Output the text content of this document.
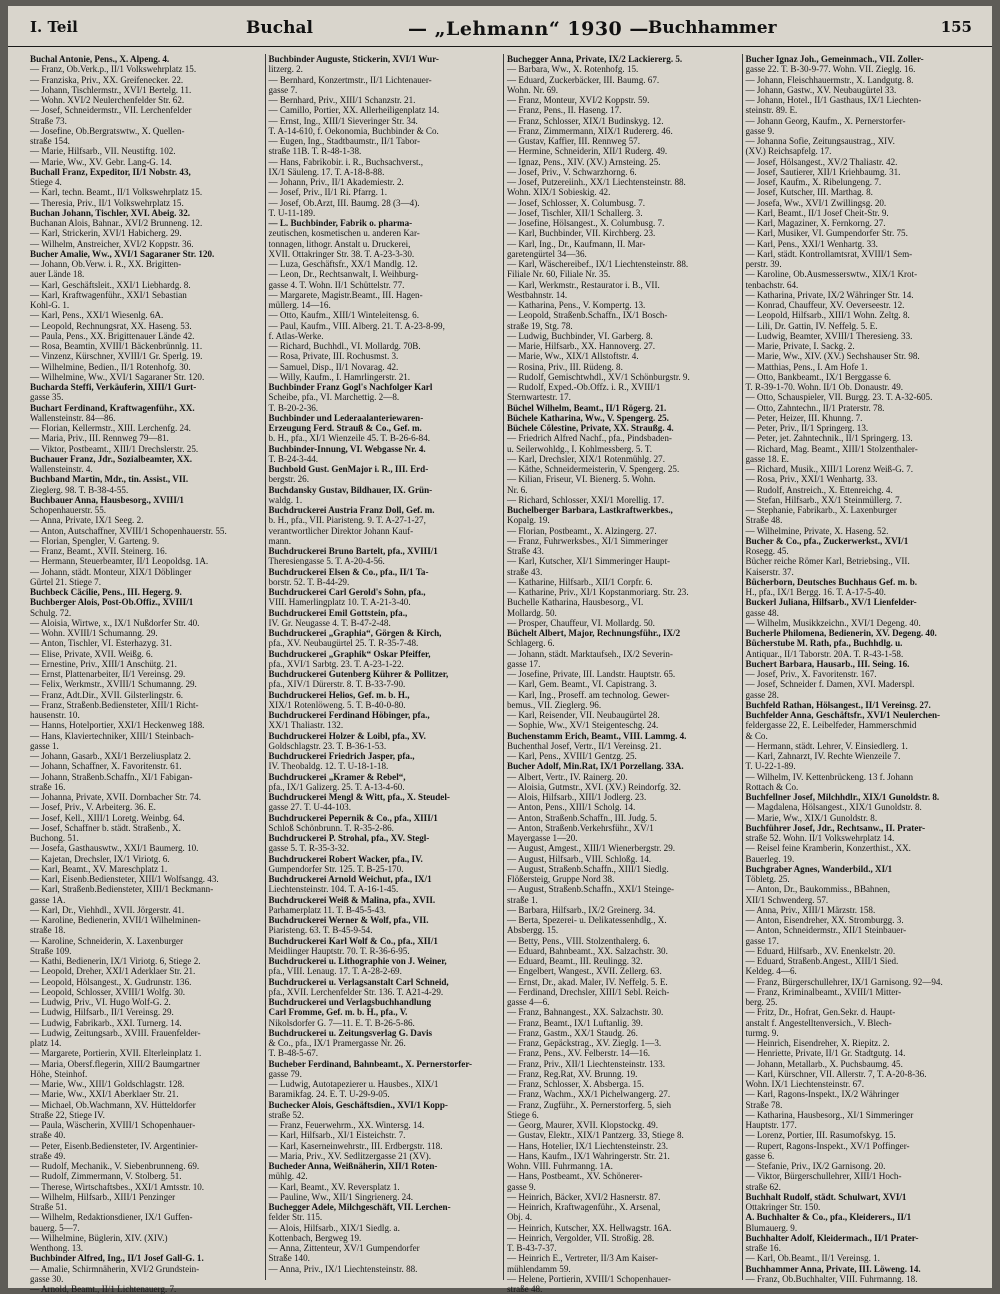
I. Teil	Buchal	— „Lehmann“ 1930 — Buchhammer	155
Buchal Antonie, Pens., X. Alpeng. 4.
— Franz, Ob.Verk.p., II/1 Volkswehrplatz 15.
— Franziska, Priv., XX. Greifenecker. 22.
— Johann, Tischlermstr., XVI/1 Bertelg. 11.
— Wohn. XVI/2 Neulerchenfelder Str. 62.
— Josef, Schneidermstr., VII. Lerchenfelder
Straße 73.
— Josefine, Ob.Bergratswtw., X. Quellen-
straße 154.
— Marie, Hilfsarb., VII. Neustiftg. 102.
— Marie, Ww., XV. Gebr. Lang-G. 14.
Buchall Franz, Expeditor, II/1 Nobstr. 43,
Stiege 4.
— Karl, techn. Beamt., II/1 Volkswehrplatz 15.
— Theresia, Priv., II/1 Volkswehrplatz 15.
Buchan Johann, Tischler, XVI. Abeig. 32.
Buchanan Alois, Bahnar., XVI/2 Brunneng. 12.
— Karl, Strickerin, XVI/1 Habicherg. 29.
— Wilhelm, Anstreicher, XVI/2 Koppstr. 36.
Bucher Amalie, Ww., XVI/1 Sagaraner Str. 120.
— Johann, Ob.Verw. i. R., XX. Brigitten-
auer Lände 18.
— Karl, Geschäftsleit., XXI/1 Liebhardg. 8.
— Karl, Kraftwagenführ., XXI/1 Sebastian
Kohl-G. 1.
— Karl, Pens., XXI/1 Wiesenlg. 6A.
— Leopold, Rechnungsrat, XX. Haseng. 53.
— Paula, Pens., XX. Brigittenauer Lände 42.
— Rosa, Beamtin, XVIII/1 Bäckenbrünnlg. 11.
— Vinzenz, Kürschner, XVIII/1 Gr. Sperlg. 19.
— Wilhelmine, Bedien., II/1 Rotenhofg. 30.
— Wilhelmine, Ww., XVI/1 Sagaraner Str. 120.
Bucharda Steffi, Verkäuferin, XIII/1 Gurt-
gasse 35.
Buchart Ferdinand, Kraftwagenführ., XX.
Wallensteinstr. 84—86.
— Florian, Kellermstr., XIII. Lerchenfg. 24.
— Maria, Priv., III. Rennweg 79—81.
— Viktor, Postbeamt., XIII/1 Drechslerstr. 25.
Buchauer Franz, Jdr., Sozialbeamter, XX.
Wallensteinstr. 4.
Buchband Martin, Mdr., tin. Assist., VII.
Zieglerg. 98. T. B-38-4-55.
Buchbauer Anna, Hausbesorg., XVIII/1
Schopenhauerstr. 55.
— Anna, Private, IX/1 Seeg. 2.
— Anton, Autschaffner, XVIII/1 Schopenhauerstr. 55.
— Florian, Spengler, V. Garteng. 9.
— Franz, Beamt., XVII. Steinerg. 16.
— Hermann, Steuerbeamter, II/1 Leopoldsg. 1A.
— Johann, städt. Monteur, XIX/1 Döblinger
Gürtel 21. Stiege 7.
Buchbeck Cäcilie, Pens., III. Hegerg. 9.
Buchberger Alois, Post-Ob.Offiz., XVIII/1
Schulg. 72.
— Aloisia, Wirtwe, x., IX/1 Nußdorfer Str. 40.
— Wohn. XVIII/1 Schumanng. 29.
— Anton, Tischler, VI. Esterhazyg. 31.
— Elise, Private, XVII. Weißg. 6.
— Ernestine, Priv., XIII/1 Anschütg. 21.
— Ernst, Plattenarbeiter, II/1 Vereinsg. 29.
— Felix, Werkmstr., XVIII/1 Schumanng. 29.
— Franz, Adt.Dir., XVII. Gilsterlingstr. 6.
— Franz, Straßenb.Bediensteter, XIII/1 Richt-
hausenstr. 10.
— Hanns, Hotelportier, XXI/1 Heckenweg 188.
— Hans, Klaviertechniker, XIII/1 Steinbach-
gasse 1.
— Johann, Gasarb., XXI/1 Berzeliusplatz 2.
— Johann, Schaffner, X. Favoritenstr. 61.
— Johann, Straßenb.Schaffn., XI/1 Fabigan-
straße 16.
— Johanna, Private, XVII. Dornbacher Str. 74.
— Josef, Priv., V. Arbeiterg. 36. E.
— Josef, Kell., XIII/1 Loretg. Weinbg. 64.
— Josef, Schaffner b. städt. Straßenb., X.
Buchong. 51.
— Josefa, Gasthauswtw., XXI/1 Baumerg. 10.
— Kajetan, Drechsler, IX/1 Viriotg. 6.
— Karl, Beamt., XV. Mareschplatz 1.
— Karl, Eisenb.Bediensteter, XIII/1 Wolfsangg. 43.
— Karl, Straßenb.Bediensteter, XIII/1 Beckmann-
gasse 1A.
— Karl, Dr., Viehhdl., XVII. Jörgerstr. 41.
— Karoline, Bedienerin, XVII/1 Wilhelminen-
straße 18.
— Karoline, Schneiderin, X. Laxenburger
Straße 109.
— Kathi, Bedienerin, IX/1 Viriotg. 6, Stiege 2.
— Leopold, Dreher, XXI/1 Aderklaer Str. 21.
— Leopold, Hölsangest., X. Gudrunstr. 136.
— Leopold, Schlosser, XVIII/1 Wolfg. 30.
— Ludwig, Priv., VI. Hugo Wolf-G. 2.
— Ludwig, Hilfsarb., II/1 Vereinsg. 29.
— Ludwig, Fabrikarb., XXI. Turnerg. 14.
— Ludwig, Zeitungsarb., XVIII. Frauenfelder-
platz 14.
— Margarete, Portierin, XVII. Elterleinplatz 1.
— Maria, Obersf.flegerin, XIII/2 Baumgartner
Höhe, Steinhof.
— Marie, Ww., XIII/1 Goldschlagstr. 128.
— Marie, Ww., XXI/1 Aberklaer Str. 21.
— Michael, Ob.Wachmann, XV. Hütteldorfer
Straße 22, Stiege IV.
— Paula, Wäscherin, XVIII/1 Schopenhauer-
straße 40.
— Peter, Eisenb.Bediensteter, IV. Argentinier-
straße 49.
— Rudolf, Mechanik., V. Siebenbrunneng. 69.
— Rudolf, Zimmermann, V. Stolberg. 51.
— Therese, Wirtschaftsbes., XXI/1 Amtsstr. 10.
— Wilhelm, Hilfsarb., XIII/1 Penzinger
Straße 51.
— Wilhelm, Redaktionsdiener, IX/1 Guffen-
bauerg. 5—7.
— Wilhelmine, Büglerin, XIV. (XIV.)
Wenthong. 13.
Buchbinder Alfred, Ing., II/1 Josef Gall-G. 1.
— Amalie, Schirmnäherin, XVI/2 Grundstein-
gasse 30.
— Arnold, Beamt., II/1 Lichtenauerg. 7.
Buchbinder Auguste, Stickerin, XVI/1 Wur-
litzerg. 2.
— Bernhard, Konzertmstr., II/1 Lichtenauer-
gasse 7.
— Bernhard, Priv., XIII/1 Schanzstr. 21.
— Camillo, Portier, XX. Allerheiligenplatz 14.
— Ernst, Ing., XIII/1 Sieveringer Str. 34.
T. A-14-610, f. Oekonomia, Buchbinder & Co.
— Eugen, Ing., Stadtbaumstr., II/1 Tabor-
straße 11B. T. R-48-1-38.
— Hans, Fabrikobir. i. R., Buchsachverst.,
IX/1 Säuleng. 17. T. A-18-8-88.
— Johann, Priv., II/1 Akademiestr. 2.
— Josef, Priv., II/1 Ri. Pfarrg. 1.
— Josef, Ob.Arzt, III. Baumg. 28 (3—4).
T. U-11-189.
— L. Buchbinder, Fabrik o. pharma-
zeutischen, kosmetischen u. anderen Kar-
tonnagen, lithogr. Anstalt u. Druckerei,
XVII. Ottakringer Str. 38. T. A-23-3-30.
— Luza, Geschäftsfr., XX/1 Mandlg. 12.
— Leon, Dr., Rechtsanwalt, I. Weihburg-
gasse 4. T. Wohn. II/1 Schüttelstr. 77.
— Margarete, Magistr.Beamt., III. Hagen-
müllerg. 14—16.
— Otto, Kaufm., XIII/1 Winteleitensg. 6.
— Paul, Kaufm., VIII. Alberg. 21. T. A-23-8-99,
f. Atlas-Werke.
— Richard, Buchhdl., VI. Mollardg. 70B.
— Rosa, Private, III. Rochusmst. 3.
— Samuel, Disp., II/1 Novarag. 42.
— Willy, Kaufm., I. Hamrlingerstr. 21.
Buchbinder Franz Gogl's Nachfolger Karl
Scheibe, pfa., VI. Marchettig. 2—8.
T. B-20-2-36.
Buchbinder und Lederaalanteriewaren-
Erzeugung Ferd. Strauß & Co., Gef. m.
b. H., pfa., XI/1 Wienzeile 45. T. B-26-6-84.
Buchbinder-Innung, VI. Webgasse Nr. 4.
T. B-24-3-44.
Buchbold Gust. GenMajor i. R., III. Erd-
bergstr. 26.
Buchdansky Gustav, Bildhauer, IX. Grün-
waldg. 1.
Buchdruckerei Austria Franz Doll, Gef. m.
b. H., pfa., VII. Piaristeng. 9. T. A-27-1-27,
verantwortlicher Direktor Johann Kauf-
mann.
Buchdruckerei Bruno Bartelt, pfa., XVIII/1
Theresiengasse 5. T. A-20-4-56.
Buchdruckerei Elsen & Co., pfa., II/1 Ta-
borstr. 52. T. B-44-29.
Buchdruckerei Carl Gerold's Sohn, pfa.,
VIII. Hamerlingplatz 10. T. A-21-3-40.
Buchdruckerei Emil Gottstein, pfa.,
IV. Gr. Neugasse 4. T. B-47-2-48.
Buchdruckerei „Graphia“, Görgen & Kirch,
pfa., XV. Neubaugürtel 25. T. R-35-7-48.
Buchdruckerei „Graphik“ Oskar Pfeiffer,
pfa., XVI/1 Sarbtg. 23. T. A-23-1-22.
Buchdruckerei Gutenberg Kührer & Pollitzer,
pfa., XIV/1 Dürerstr. 8. T. B-33-7-90.
Buchdruckerei Helios, Gef. m. b. H.,
XIX/1 Rotenlöweng. 5. T. B-40-0-80.
Buchdruckerei Ferdinand Höbinger, pfa.,
XX/1 Thaliastr. 132.
Buchdruckerei Holzer & Loibl, pfa., XV.
Goldschlagstr. 23. T. B-36-1-53.
Buchdruckerei Friedrich Jasper, pfa.,
IV. Theobaldg. 12. T. U-18-1-18.
Buchdruckerei „Kramer & Rebel“,
pfa., IX/1 Galizerg. 25. T. A-13-4-60.
Buchdruckerei Mengl & Witt, pfa., X. Steudel-
gasse 27. T. U-44-103.
Buchdruckerei Pepernik & Co., pfa., XIII/1
Schloß Schönbrunn. T. R-35-2-86.
Buchdruckerei P. Strohal, pfa., XV. Stegl-
gasse 5. T. R-35-3-32.
Buchdruckerei Robert Wacker, pfa., IV.
Gumpendorfer Str. 125. T. B-25-170.
Buchdruckerei Arnold Weichut, pfa., IX/1
Liechtensteinstr. 104. T. A-16-1-45.
Buchdruckerei Weiß & Malina, pfa., XVII.
Parhamerplatz 11. T. B-45-5-43.
Buchdruckerei Werner & Wolf, pfa., VII.
Piaristeng. 63. T. B-45-9-54.
Buchdruckerei Karl Wolf & Co., pfa., XII/1
Meidlinger Hauptstr. 70. T. R-36-6-95.
Buchdruckerei u. Lithographie von J. Weiner,
pfa., VIII. Lenaug. 17. T. A-28-2-69.
Buchdruckerei u. Verlagsanstalt Carl Schneid,
pfa., XVII. Lerchenfelder Str. 136. T. A21-4-29.
Buchdruckerei und Verlagsbuchhandlung
Carl Fromme, Gef. m. b. H., pfa., V.
Nikolsdorfer G. 7—11. E. T. B-26-5-86.
Buchdruckerei u. Zeitungsverlag G. Davis
& Co., pfa., IX/1 Pramergasse Nr. 26.
T. B-48-5-67.
Bucheber Ferdinand, Bahnbeamt., X. Pernerstorfer-
gasse 79.
— Ludwig, Autotapezierer u. Hausbes., XIX/1
Baramikfag. 24. E. T. U-29-9-05.
Buchecker Alois, Geschäftsdien., XVI/1 Kopp-
straße 52.
— Franz, Feuerwehrm., XX. Wintersg. 14.
— Karl, Hilfsarb., XI/1 Eisteichstr. 7.
— Karl, Kaserneinwehrstr., III. Erdbergstr. 118.
— Maria, Priv., XV. Sedlitzergasse 21 (XV).
Bucheder Anna, Weißnäherin, XII/1 Roten-
mühlg. 42.
— Karl, Beamt., XV. Reversplatz 1.
— Pauline, Ww., XII/1 Singrienerg. 24.
Buchegger Adele, Milchgeschäft, VII. Lerchen-
felder Str. 115.
— Alois, Hilfsarb., XIX/1 Siedlg. a.
Kottenbach, Bergweg 19.
— Anna, Zittenteur, XV/1 Gumpendorfer
Straße 140.
— Anna, Priv., IX/1 Liechtensteinstr. 88.
Buchegger Anna, Private, IX/2 Lackiererg. 5.
— Barbara, Ww., X. Rotenhofg. 15.
— Eduard, Zuckerbäcker, III. Baumg. 67.
Wohn. Nr. 69.
— Franz, Monteur, XVI/2 Koppstr. 59.
— Franz, Pens., II. Haseng. 17.
— Franz, Schlosser, XIX/1 Budinskyg. 12.
— Franz, Zimmermann, XIX/1 Rudererg. 46.
— Gustav, Kaffier, III. Rennweg 57.
— Hermine, Schneiderin, XII/1 Ruderg. 49.
— Ignaz, Pens., XIV. (XV.) Arnsteing. 25.
— Josef, Priv., V. Schwarzhorng. 6.
— Josef, Putzereiinh., XX/1 Liechtensteinstr. 88.
Wohn. XIX/1 Sobieskig. 42.
— Josef, Schlosser, X. Columbusg. 7.
— Josef, Tischler, XII/1 Schallerg. 3.
— Josefine, Hölsangest., X. Columbusg. 7.
— Karl, Buchbinder, VII. Kirchberg. 23.
— Karl, Ing., Dr., Kaufmann, II. Mar-
garetengürtel 34—36.
— Karl, Wäschereibef., IX/1 Liechtensteinstr. 88.
Filiale Nr. 60, Filiale Nr. 35.
— Karl, Werkmstr., Restaurator i. B., VII.
Westbahnstr. 14.
— Katharina, Pens., V. Kompertg. 13.
— Leopold, Straßenb.Schaffn., IX/1 Bosch-
straße 19, Stg. 78.
— Ludwig, Buchbinder, VI. Garberg. 8.
— Marie, Hilfsarb., XX. Hannoverg. 27.
— Marie, Ww., XIX/1 Allstoftstr. 4.
— Rosina, Priv., III. Rüdeng. 8.
— Rudolf, Gemischtwhdl., XV/1 Schönburgstr. 9.
— Rudolf, Exped.-Ob.Offz. i. R., XVIII/1
Sternwartestr. 17.
Büchel Wilhelm, Beamt., II/1 Rögerg. 21.
Büchele Katharina, Ww., V. Spengerg. 25.
Büchele Cölestine, Private, XX. Straußg. 4.
— Friedrich Alfred Nachf., pfa., Pindsbaden-
u. Seilerwohldg., I. Kohlmessberg. 5. T.
— Karl, Drechsler, XIX/1 Rotenmühlg. 27.
— Käthe, Schneidermeisterin, V. Spengerg. 25.
— Kilian, Friseur, VI. Bienerg. 5. Wohn.
Nr. 6.
— Richard, Schlosser, XXI/1 Morellig. 17.
Buchelberger Barbara, Lastkraftwerkbes.,
Kopalg. 19.
— Florian, Postbeamt., X. Alzingerg. 27.
— Franz, Fuhrwerksbes., XI/1 Simmeringer
Straße 43.
— Karl, Kutscher, XI/1 Simmeringer Haupt-
straße 43.
— Katharine, Hilfsarb., XII/1 Corpfr. 6.
— Katharine, Priv., XI/1 Kopstanmoriarg. Str. 23.
Buchelle Katharina, Hausbesorg., VI.
Mollardg. 50.
— Prosper, Chauffeur, VI. Mollardg. 50.
Büchelt Albert, Major, Rechnungsführ., IX/2
Schlagerg. 6.
— Johann, städt. Marktaufseh., IX/2 Severin-
gasse 17.
— Josefine, Private, III. Landstr. Hauptstr. 65.
— Karl, Gem. Beamt., VI. Capistrang. 3.
— Karl, Ing., Proseff. am technolog. Gewer-
bemus., VII. Zieglerg. 96.
— Karl, Reisender, VII. Neubaugürtel 28.
— Sophie, Ww., XV/1 Steigenteschg. 24.
Buchenstamm Erich, Beamt., VIII. Lammg. 4.
Buchenthal Josef, Vertr., II/1 Vereinsg. 21.
— Karl, Pens., XVIII/1 Gentzg. 25.
Bucher Adolf, Min.Rat, IX/1 Porzellang. 33A.
— Albert, Vertr., IV. Rainerg. 20.
— Aloisia, Gutmstr., XVI. (XV.) Reindorfg. 32.
— Alois, Hilfsarb., XIII/1 Jodlerg. 23.
— Anton, Pens., XIII/1 Scholg. 14.
— Anton, Straßenb.Schaffn., III. Judg. 5.
— Anton, Straßenb.Verkehrsführ., XV/1
Mayergasse 1—20.
— August, Amgest., XIII/1 Wienerbergstr. 29.
— August, Hilfsarb., VIII. Schloßg. 14.
— August, Straßenb.Schaffn., XIII/1 Siedlg.
Flößersteig, Gruppe Nord 38.
— August, Straßenb.Schaffn., XXI/1 Steinge-
straße 1.
— Barbara, Hilfsarb., IX/2 Greinerg. 34.
— Berta, Spezerei- u. Delikatessenhdlg., X.
Absbergg. 15.
— Betty, Pens., VIII. Stolzenthalerg. 6.
— Eduard, Bahnbeamt., XX. Salzachstr. 30.
— Eduard, Beamt., III. Reulingg. 32.
— Engelbert, Wangest., XVII. Zellerg. 63.
— Ernst, Dr., akad. Maler, IV. Neffelg. 5. E.
— Ferdinand, Drechsler, XIII/1 Sebl. Reich-
gasse 4—6.
— Franz, Bahnangest., XX. Salzachstr. 30.
— Franz, Beamt., IX/1 Luftanlig. 39.
— Franz, Gastm., XX/1 Staudg. 26.
— Franz, Gepäckstrag., XV. Zieglg. 1—3.
— Franz, Pens., XV. Felberstr. 14—16.
— Franz, Priv., XII/1 Liechtensteinstr. 133.
— Franz, Reg.Rat, XV. Brunng. 19.
— Franz, Schlosser, X. Absberga. 15.
— Franz, Wachm., XX/1 Pichelwangerg. 27.
— Franz, Zugführ., X. Pernerstorferg. 5, sieh
Stiege 6.
— Georg, Maurer, XVII. Klopstockg. 49.
— Gustav, Elektr., XIX/1 Pantzerg. 33, Stiege 8.
— Hans, Hotelier, IX/1 Liechtensteinstr. 23.
— Hans, Kaufm., IX/1 Wahringerstr. Str. 21.
Wohn. VIII. Fuhrmanng. 1A.
— Hans, Postbeamt., XV. Schönerer-
gasse 9.
— Heinrich, Bäcker, XVI/2 Hasnerstr. 87.
— Heinrich, Kraftwagenführ., X. Arsenal,
Obj. 4.
— Heinrich, Kutscher, XX. Hellwagstr. 16A.
— Heinrich, Vergolder, VII. Stroßig. 28.
T. B-43-7-37.
— Heinrich E., Vertreter, II/3 Am Kaiser-
mühlendamm 59.
— Helene, Portierin, XVIII/1 Schopenhauer-
straße 48.
Bucher Ignaz Joh., Gemeinmach., VII. Zoller-
gasse 22. T. B-30-9-77. Wohn. VII. Zieglg. 16.
— Johann, Fleischhauermstr., X. Landgutg. 8.
— Johann, Gastw., XV. Neubaugürtel 33.
— Johann, Hotel., II/1 Gasthaus, IX/1 Liechten-
steinstr. 89. E.
— Johann Georg, Kaufm., X. Pernerstorfer-
gasse 9.
— Johanna Sofie, Zeitungsaustrag., XIV.
(XV.) Reichsapfelg. 17.
— Josef, Hölsangest., XV/2 Thaliastr. 42.
— Josef, Sautierer, XII/1 Kriehbaumg. 31.
— Josef, Kaufm., X. Ribelungeng. 7.
— Josef, Kutscher, III. Marthag. 8.
— Josefa, Ww., XVI/1 Zwillingsg. 20.
— Karl, Beamt., II/1 Josef Cheit-Str. 9.
— Karl, Magaziner, X. Fernkorng. 27.
— Karl, Musiker, VI. Gumpendorfer Str. 75.
— Karl, Pens., XXI/1 Wenhartg. 33.
— Karl, städt. Kontrollamtsrat, XVIII/1 Sem-
perstr. 39.
— Karoline, Ob.Ausmesserswtw., XIX/1 Krot-
tenbachstr. 64.
— Katharina, Private, IX/2 Währinger Str. 14.
— Konrad, Chauffeur, XV. Oeverseestr. 12.
— Leopold, Hilfsarb., XIII/1 Wohn. Zeltg. 8.
— Lili, Dr. Gattin, IV. Neffelg. 5. E.
— Ludwig, Beamter, XVIII/1 Theresieng. 33.
— Marie, Private, I. Sackg. 2.
— Marie, Ww., XIV. (XV.) Sechshauser Str. 98.
— Matthias, Pens., I. Am Hofe 1.
— Otto, Bankbeamt., IX/1 Berggasse 6.
T. R-39-1-70. Wohn. II/1 Ob. Donaustr. 49.
— Otto, Schauspieler, VII. Burgg. 23. T. A-32-605.
— Otto, Zahntechn., II/1 Praterstr. 78.
— Peter, Heizer, III. Khunng. 7.
— Peter, Priv., II/1 Springerg. 13.
— Peter, jet. Zahntechnik., II/1 Springerg. 13.
— Richard, Mag. Beamt., XIII/1 Stolzenthaler-
gasse 18. E.
— Richard, Musik., XIII/1 Lorenz Weiß-G. 7.
— Rosa, Priv., XXI/1 Wenhartg. 33.
— Rudolf, Anstreich., X. Ettenreichg. 4.
— Stefan, Hilfsarb., XX/1 Steinmüllerg. 7.
— Stephanie, Fabrikarb., X. Laxenburger
Straße 48.
— Wilhelmine, Private, X. Haseng. 52.
Bucher & Co., pfa., Zuckerwerkst., XVI/1
Rosegg. 45.
Bücher reiche Römer Karl, Betriebsing., VII.
Kaiserstr. 37.
Bücherborn, Deutsches Buchhaus Gef. m. b.
H., pfa., IX/1 Bergg. 16. T. A-17-5-40.
Buckerl Juliana, Hilfsarb., XV/1 Lienfelder-
gasse 48.
— Wilhelm, Musikkzeichn., XVI/1 Degeng. 40.
Bucherle Philomena, Bedienerin, XV. Degeng. 40.
Bücherstube M. Rath, pfa., Buchhdlg. u.
Antiquar., II/1 Taborstr. 20A. T. R-43-1-58.
Buchert Barbara, Hausarb., III. Seing. 16.
— Josef, Priv., X. Favoritenstr. 167.
— Josef, Schneider f. Damen, XVI. Maderspl.
gasse 28.
Buchfeld Rathan, Hölsangest., II/1 Vereinsg. 27.
Buchfelder Anna, Geschäftsfr., XVI/1 Neulerchen-
feldergasse 22, E. Leibelfeder, Hammerschmid
& Co.
— Hermann, städt. Lehrer, V. Einsiedlerg. 1.
— Karl, Zahnarzt, IV. Rechte Wienzeile 7.
T. U-22-1-89.
— Wilhelm, IV. Kettenbrückeng. 13 f. Johann
Rottach & Co.
Buchfellner Josef, Milchhdlr., XIX/1 Gunoldstr. 8.
— Magdalena, Hölsangest., XIX/1 Gunoldstr. 8.
— Marie, Ww., XIX/1 Gunoldstr. 8.
Buchführer Josef, Jdr., Rechtsanw., II. Prater-
straße 52. Wohn. II/1 Volkswehrplatz 14.
— Reisel feine Kramberin, Konzerthist., XX.
Bauerleg. 19.
Buchgraber Agnes, Wanderbild., XI/1
Töbletg. 25.
— Anton, Dr., Baukommiss., BBahnen,
XII/1 Schwenderg. 57.
— Anna, Priv., XIII/1 Märzstr. 158.
— Anton, Eisendreher, XX. Stromburgg. 3.
— Anton, Schneidermstr., XII/1 Steinbauer-
gasse 17.
— Eduard, Hilfsarb., XV. Enenkelstr. 20.
— Eduard, Straßenb.Angest., XIII/1 Sied.
Keldeg. 4—6.
— Franz, Bürgerschullehrer, IX/1 Garnisong. 92—94.
— Franz, Kriminalbeamt., XVIII/1 Mitter-
berg. 25.
— Fritz, Dr., Hofrat, Gen.Sekr. d. Haupt-
anstalt f. Angestelltenversich., V. Blech-
turmg. 9.
— Heinrich, Eisendreher, X. Riepitz. 2.
— Henriette, Private, II/1 Gr. Stadtgutg. 14.
— Johann, Metallarb., X. Puchsbaumg. 45.
— Karl, Kürschner, VII. Allerstr. 7, T. A-20-8-36.
Wohn. IX/1 Liechtensteinstr. 67.
— Karl, Ragons-Inspekt., IX/2 Währinger
Straße 78.
— Katharina, Hausbesorg., XI/1 Simmeringer
Hauptstr. 177.
— Lorenz, Portier, III. Rasumofskyg. 15.
— Rupert, Ragons-Inspekt., XV/1 Poffinger-
gasse 6.
— Stefanie, Priv., IX/2 Garnisong. 20.
— Viktor, Bürgerschullehrer, XIII/1 Hoch-
straße 62.
Buchhalt Rudolf, städt. Schulwart, XVI/1
Ottakringer Str. 150.
A. Buchhalter & Co., pfa., Kleiderers., II/1
Blumauerg. 9.
Buchhalter Adolf, Kleidermach., II/1 Prater-
straße 16.
— Karl, Ob.Beamt., II/1 Vereinsg. 1.
Buchhammer Anna, Private, III. Löweng. 14.
— Franz, Ob.Buchhalter, VIII. Fuhrmanng. 18.
